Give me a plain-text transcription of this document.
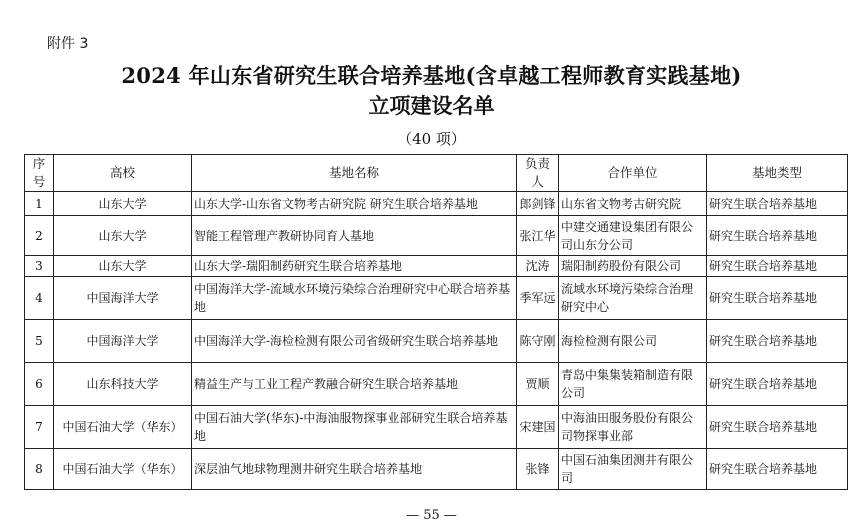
附件 3
2024 年山东省研究生联合培养基地(含卓越工程师教育实践基地)
立项建设名单
（40 项）
序号	高校	基地名称	负责人	合作单位	基地类型
1	山东大学	山东大学-山东省文物考古研究院 研究生联合培养基地	郎剑锋	山东省文物考古研究院	研究生联合培养基地
2	山东大学	智能工程管理产教研协同育人基地	张江华	中建交通建设集团有限公司山东分公司	研究生联合培养基地
3	山东大学	山东大学-瑞阳制药研究生联合培养基地	沈涛	瑞阳制药股份有限公司	研究生联合培养基地
4	中国海洋大学	中国海洋大学-流域水环境污染综合治理研究中心联合培养基地	季军远	流域水环境污染综合治理研究中心	研究生联合培养基地
5	中国海洋大学	中国海洋大学-海检检测有限公司省级研究生联合培养基地	陈守刚	海检检测有限公司	研究生联合培养基地
6	山东科技大学	精益生产与工业工程产教融合研究生联合培养基地	贾顺	青岛中集集装箱制造有限公司	研究生联合培养基地
7	中国石油大学（华东）	中国石油大学(华东)-中海油服物探事业部研究生联合培养基地	宋建国	中海油田服务股份有限公司物探事业部	研究生联合培养基地
8	中国石油大学（华东）	深层油气地球物理测井研究生联合培养基地	张锋	中国石油集团测井有限公司	研究生联合培养基地
— 55 —
